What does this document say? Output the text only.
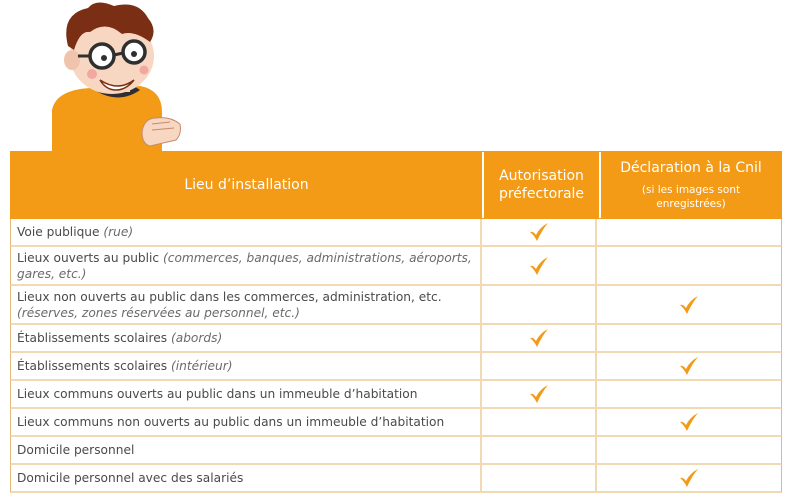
Lieu d’installation
Autorisation
préfectorale
Déclaration à la Cnil
(si les images sont
enregistrées)
Voie publique (rue)
Lieux ouverts au public (commerces, banques, administrations, aéroports, gares, etc.)
Lieux non ouverts au public dans les commerces, administration, etc. (réserves, zones réservées au personnel, etc.)
Établissements scolaires (abords)
Établissements scolaires (intérieur)
Lieux communs ouverts au public dans un immeuble d’habitation
Lieux communs non ouverts au public dans un immeuble d’habitation
Domicile personnel
Domicile personnel avec des salariés
